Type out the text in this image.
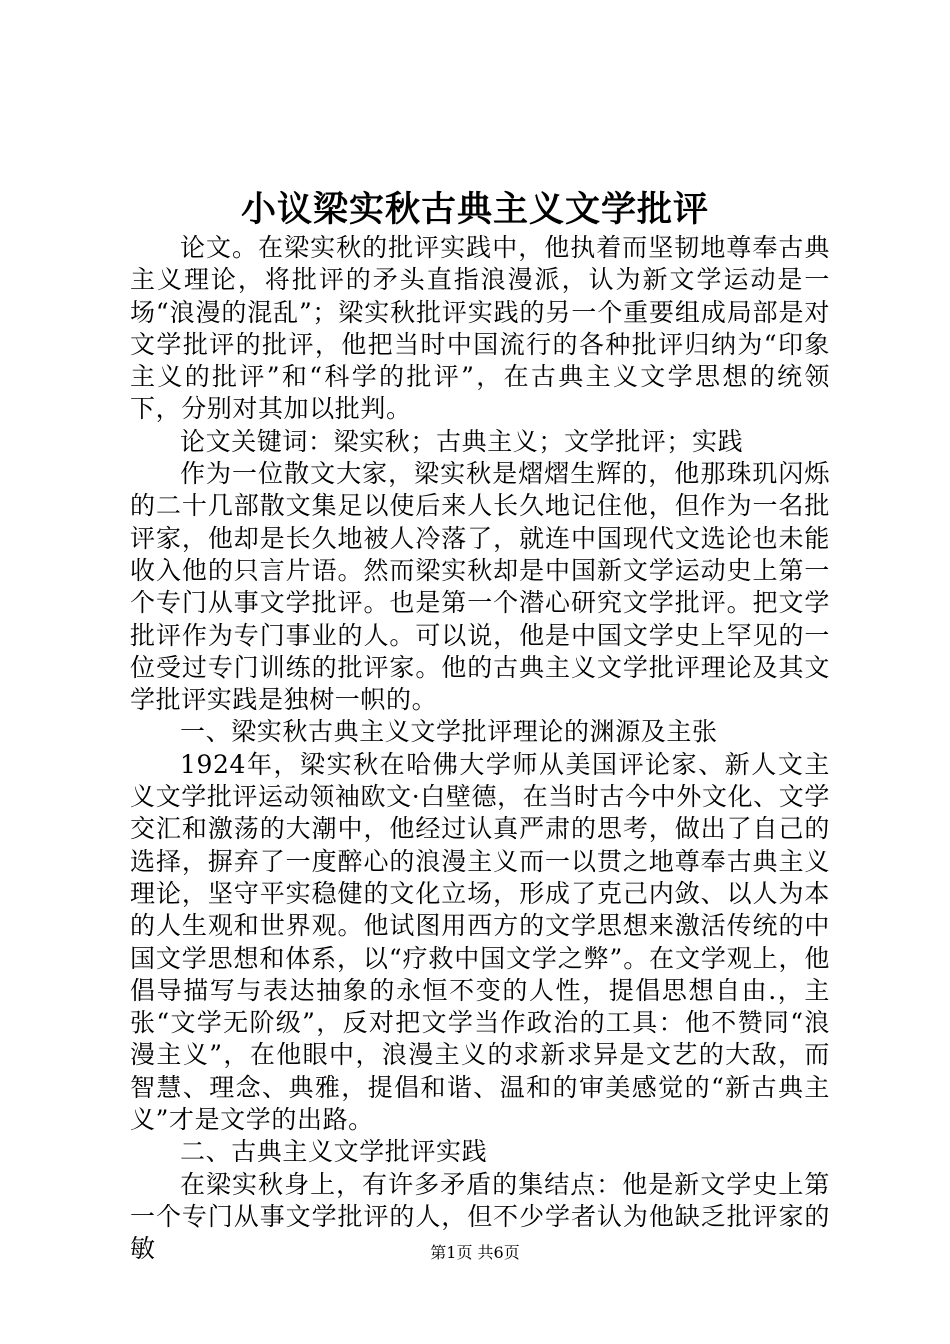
小议梁实秋古典主义文学批评

论文。在梁实秋的批评实践中，他执着而坚韧地尊奉古典主义理论，将批评的矛头直指浪漫派，认为新文学运动是一场“浪漫的混乱”；梁实秋批评实践的另一个重要组成局部是对文学批评的批评，他把当时中国流行的各种批评归纳为“印象主义的批评”和“科学的批评”，在古典主义文学思想的统领下，分别对其加以批判。

论文关键词：梁实秋；古典主义；文学批评；实践

作为一位散文大家，梁实秋是熠熠生辉的，他那珠玑闪烁的二十几部散文集足以使后来人长久地记住他，但作为一名批评家，他却是长久地被人冷落了，就连中国现代文选论也未能收入他的只言片语。然而梁实秋却是中国新文学运动史上第一个专门从事文学批评。也是第一个潜心研究文学批评。把文学批评作为专门事业的人。可以说，他是中国文学史上罕见的一位受过专门训练的批评家。他的古典主义文学批评理论及其文学批评实践是独树一帜的。

一、梁实秋古典主义文学批评理论的渊源及主张

1924年，梁实秋在哈佛大学师从美国评论家、新人文主义文学批评运动领袖欧文·白壁德，在当时古今中外文化、文学交汇和激荡的大潮中，他经过认真严肃的思考，做出了自己的选择，摒弃了一度醉心的浪漫主义而一以贯之地尊奉古典主义理论，坚守平实稳健的文化立场，形成了克己内敛、以人为本的人生观和世界观。他试图用西方的文学思想来激活传统的中国文学思想和体系，以“疗救中国文学之弊”。在文学观上，他倡导描写与表达抽象的永恒不变的人性，提倡思想自由.，主张“文学无阶级”，反对把文学当作政治的工具：他不赞同“浪漫主义”，在他眼中，浪漫主义的求新求异是文艺的大敌，而智慧、理念、典雅，提倡和谐、温和的审美感觉的“新古典主义”才是文学的出路。

二、古典主义文学批评实践

在梁实秋身上，有许多矛盾的集结点：他是新文学史上第一个专门从事文学批评的人，但不少学者认为他缺乏批评家的敏	第1页 共6页
